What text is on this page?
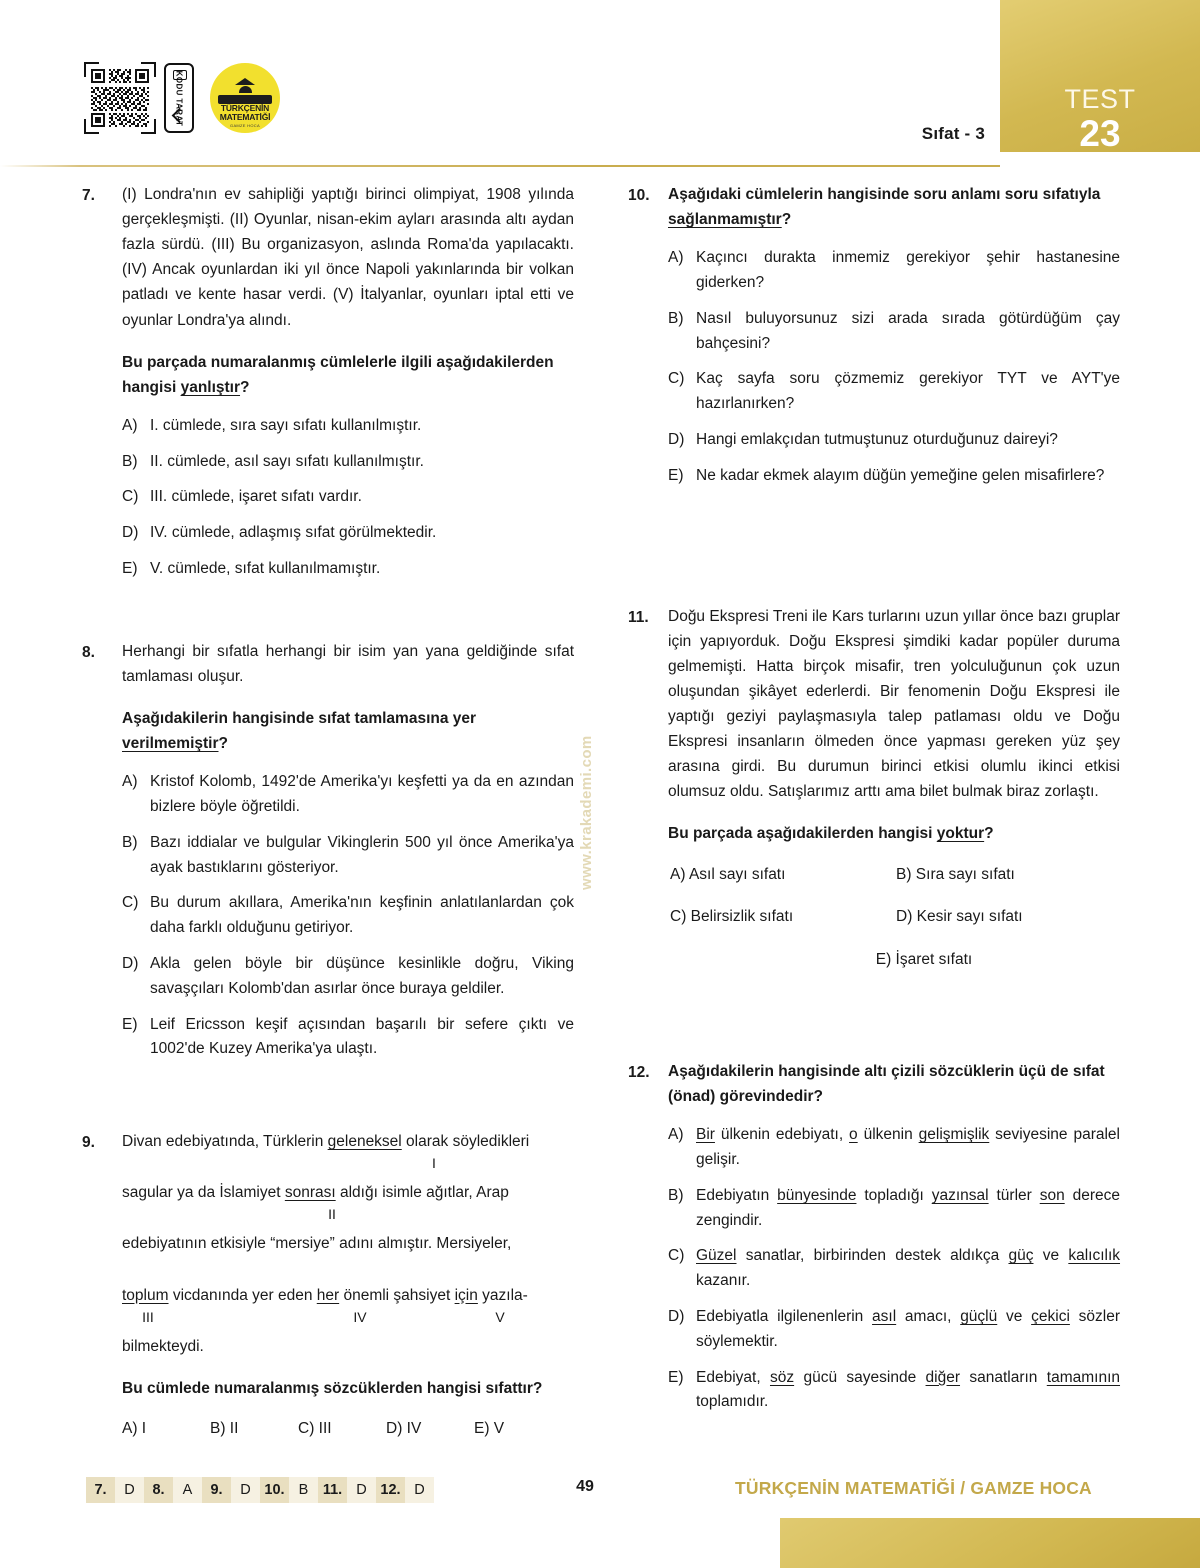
TEST
23
Sıfat - 3
KODU TARAT	TÜRKÇENİN
MATEMATİĞİ
GAMZE HOCA
www.krakademi.com
7.	(I) Londra'nın ev sahipliği yaptığı birinci olimpiyat, 1908 yılında gerçekleşmişti. (II) Oyunlar, nisan-ekim ayları arasında altı aydan fazla sürdü. (III) Bu organizasyon, aslında Roma'da yapılacaktı. (IV) Ancak oyunlardan iki yıl önce Napoli yakınlarında bir volkan patladı ve kente hasar verdi. (V) İtalyanlar, oyunları iptal etti ve oyunlar Londra'ya alındı.

Bu parçada numaralanmış cümlelerle ilgili aşağıdakilerden hangisi yanlıştır?

A) I. cümlede, sıra sayı sıfatı kullanılmıştır.
B) II. cümlede, asıl sayı sıfatı kullanılmıştır.
C) III. cümlede, işaret sıfatı vardır.
D) IV. cümlede, adlaşmış sıfat görülmektedir.
E) V. cümlede, sıfat kullanılmamıştır.
8.	Herhangi bir sıfatla herhangi bir isim yan yana geldiğinde sıfat tamlaması oluşur.

Aşağıdakilerin hangisinde sıfat tamlamasına yer verilmemiştir?

A) Kristof Kolomb, 1492'de Amerika'yı keşfetti ya da en azından bizlere böyle öğretildi.
B) Bazı iddialar ve bulgular Vikinglerin 500 yıl önce Amerika'ya ayak bastıklarını gösteriyor.
C) Bu durum akıllara, Amerika'nın keşfinin anlatılanlardan çok daha farklı olduğunu getiriyor.
D) Akla gelen böyle bir düşünce kesinlikle doğru, Viking savaşçıları Kolomb'dan asırlar önce buraya geldiler.
E) Leif Ericsson keşif açısından başarılı bir sefere çıktı ve 1002'de Kuzey Amerika'ya ulaştı.
9.	Divan edebiyatında, Türklerin geleneksel olarak söyledikleri
I
sagular ya da İslamiyet sonrası aldığı isimle ağıtlar, Arap
II
edebiyatının etkisiyle “mersiye” adını almıştır. Mersiyeler,
toplum vicdanında yer eden her önemli şahsiyet için yazıla-
III	IV	V
bilmekteydi.

Bu cümlede numaralanmış sözcüklerden hangisi sıfattır?

A) I	B) II	C) III	D) IV	E) V
10.	Aşağıdaki cümlelerin hangisinde soru anlamı soru sıfatıyla sağlanmamıştır?

A) Kaçıncı durakta inmemiz gerekiyor şehir hastanesine giderken?
B) Nasıl buluyorsunuz sizi arada sırada götürdüğüm çay bahçesini?
C) Kaç sayfa soru çözmemiz gerekiyor TYT ve AYT'ye hazırlanırken?
D) Hangi emlakçıdan tutmuştunuz oturduğunuz daireyi?
E) Ne kadar ekmek alayım düğün yemeğine gelen misafirlere?
11.	Doğu Ekspresi Treni ile Kars turlarını uzun yıllar önce bazı gruplar için yapıyorduk. Doğu Ekspresi şimdiki kadar popüler duruma gelmemişti. Hatta birçok misafir, tren yolculuğunun çok uzun oluşundan şikâyet ederlerdi. Bir fenomenin Doğu Ekspresi ile yaptığı geziyi paylaşmasıyla talep patlaması oldu ve Doğu Ekspresi insanların ölmeden önce yapması gereken yüz şey arasına girdi. Bu durumun birinci etkisi olumlu ikinci etkisi olumsuz oldu. Satışlarımız arttı ama bilet bulmak biraz zorlaştı.

Bu parçada aşağıdakilerden hangisi yoktur?

A) Asıl sayı sıfatı	B) Sıra sayı sıfatı
C) Belirsizlik sıfatı	D) Kesir sayı sıfatı
E) İşaret sıfatı
12.	Aşağıdakilerin hangisinde altı çizili sözcüklerin üçü de sıfat (önad) görevindedir?

A) Bir ülkenin edebiyatı, o ülkenin gelişmişlik seviyesine paralel gelişir.
B) Edebiyatın bünyesinde topladığı yazınsal türler son derece zengindir.
C) Güzel sanatlar, birbirinden destek aldıkça güç ve kalıcılık kazanır.
D) Edebiyatla ilgilenenlerin asıl amacı, güçlü ve çekici sözler söylemektir.
E) Edebiyat, söz gücü sayesinde diğer sanatların tamamının toplamıdır.
7.	D	8.	A	9.	D 10. B 11. D 12. D	49	TÜRKÇENİN MATEMATİĞİ / GAMZE HOCA
